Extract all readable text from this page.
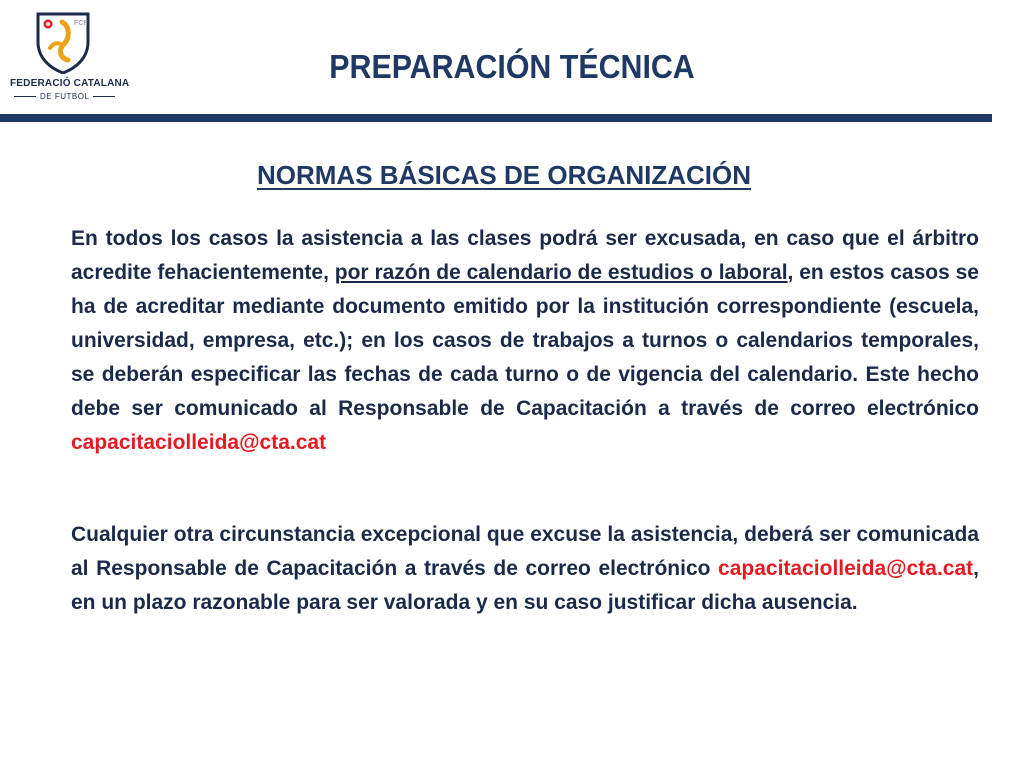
FCF
FEDERACIÓ CATALANA
DE FUTBOL
PREPARACIÓN TÉCNICA
NORMAS BÁSICAS DE ORGANIZACIÓN
En todos los casos la asistencia a las clases podrá ser excusada, en caso que el árbitro acredite fehacientemente, por razón de calendario de estudios o laboral, en estos casos se ha de acreditar mediante documento emitido por la institución correspondiente (escuela, universidad, empresa, etc.); en los casos de trabajos a turnos o calendarios temporales, se deberán especificar las fechas de cada turno o de vigencia del calendario. Este hecho debe ser comunicado al Responsable de Capacitación a través de correo electrónico capacitaciolleida@cta.cat
Cualquier otra circunstancia excepcional que excuse la asistencia, deberá ser comunicada al Responsable de Capacitación a través de correo electrónico capacitaciolleida@cta.cat, en un plazo razonable para ser valorada y en su caso justificar dicha ausencia.
